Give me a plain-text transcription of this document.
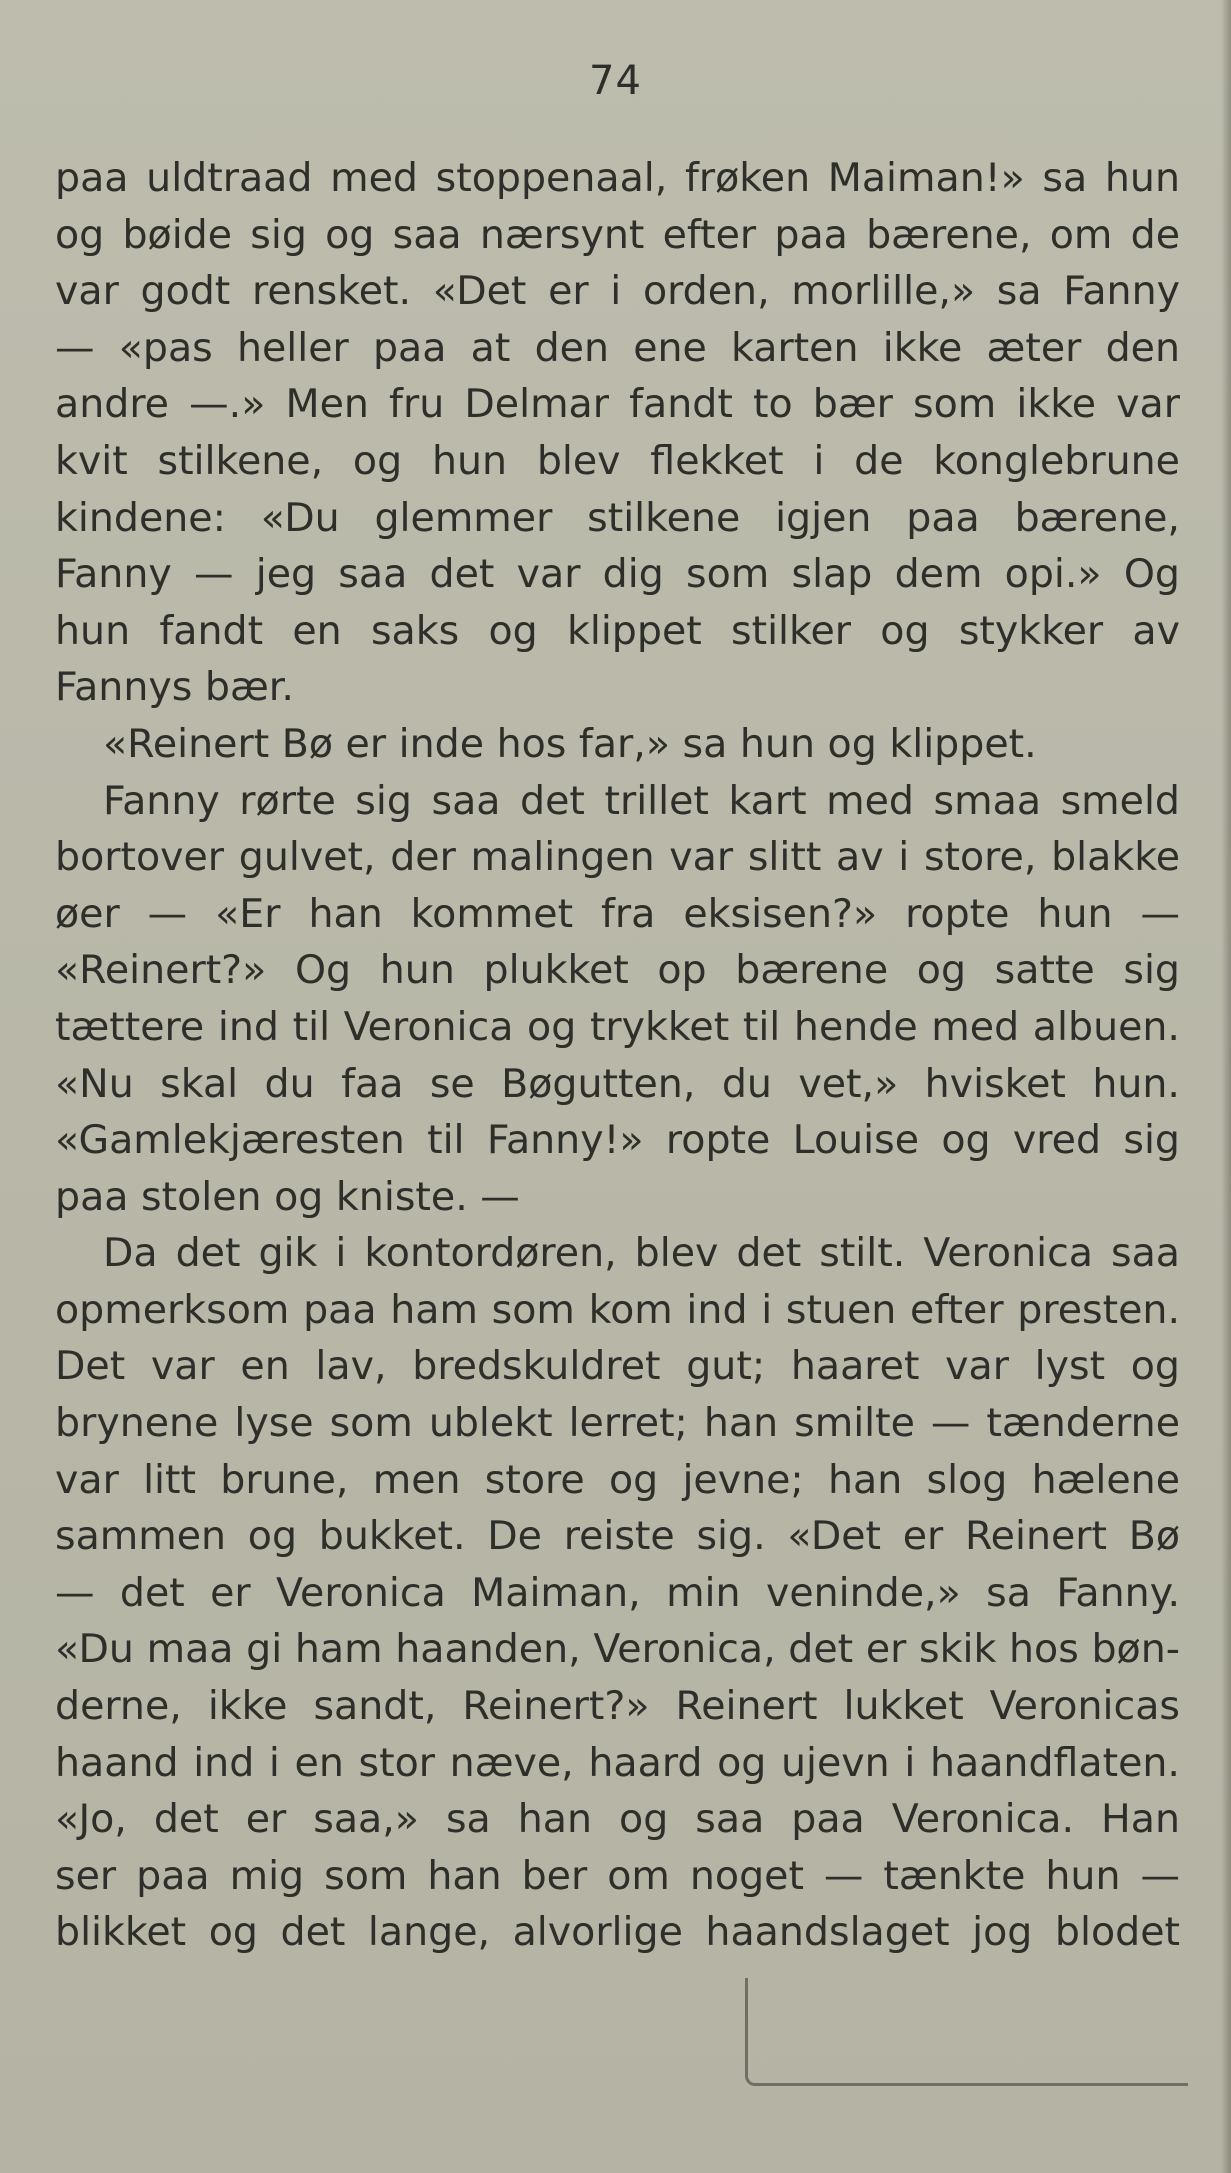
74
paa uldtraad med stoppenaal, frøken Maiman!» sa hun
og bøide sig og saa nærsynt efter paa bærene, om de
var godt rensket. «Det er i orden, morlille,» sa Fanny
— «pas heller paa at den ene karten ikke æter den
andre —.» Men fru Delmar fandt to bær som ikke var
kvit stilkene, og hun blev flekket i de konglebrune
kindene: «Du glemmer stilkene igjen paa bærene,
Fanny — jeg saa det var dig som slap dem opi.» Og
hun fandt en saks og klippet stilker og stykker av
Fannys bær.
«Reinert Bø er inde hos far,» sa hun og klippet.
Fanny rørte sig saa det trillet kart med smaa smeld
bortover gulvet, der malingen var slitt av i store, blakke
øer — «Er han kommet fra eksisen?» ropte hun —
«Reinert?» Og hun plukket op bærene og satte sig
tættere ind til Veronica og trykket til hende med albuen.
«Nu skal du faa se Bøgutten, du vet,» hvisket hun.
«Gamlekjæresten til Fanny!» ropte Louise og vred sig
paa stolen og kniste. —
Da det gik i kontordøren, blev det stilt. Veronica saa
opmerksom paa ham som kom ind i stuen efter presten.
Det var en lav, bredskuldret gut; haaret var lyst og
brynene lyse som ublekt lerret; han smilte — tænderne
var litt brune, men store og jevne; han slog hælene
sammen og bukket. De reiste sig. «Det er Reinert Bø
— det er Veronica Maiman, min veninde,» sa Fanny.
«Du maa gi ham haanden, Veronica, det er skik hos bøn-
derne, ikke sandt, Reinert?» Reinert lukket Veronicas
haand ind i en stor næve, haard og ujevn i haandflaten.
«Jo, det er saa,» sa han og saa paa Veronica. Han
ser paa mig som han ber om noget — tænkte hun —
blikket og det lange, alvorlige haandslaget jog blodet
